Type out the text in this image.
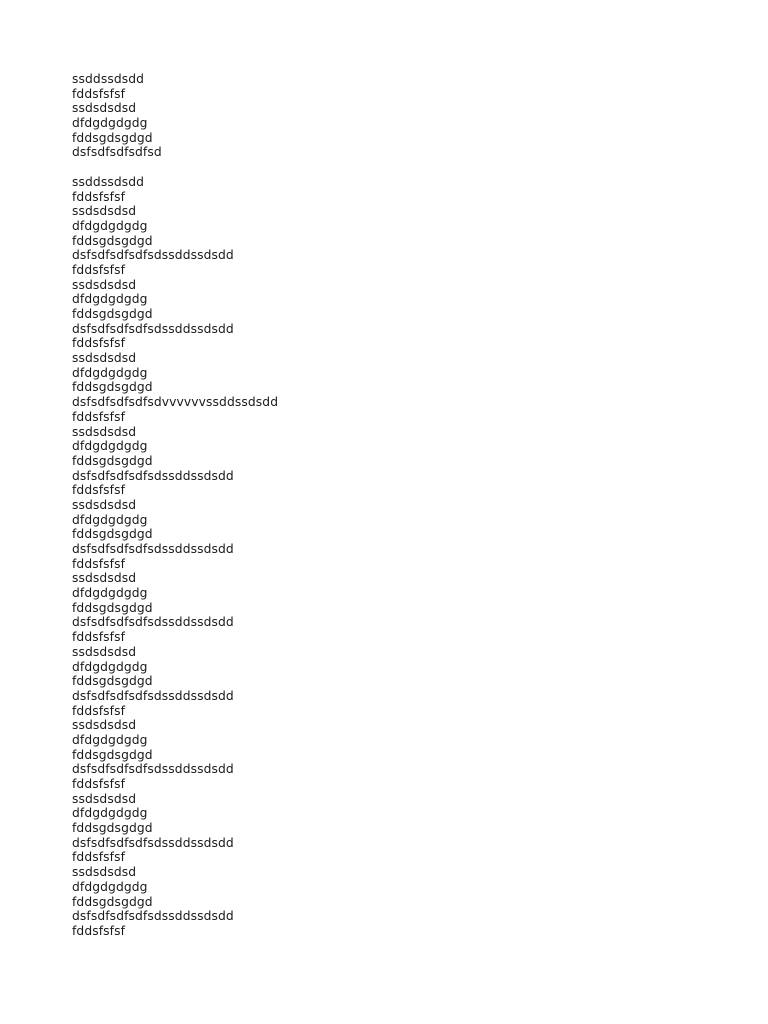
ssddssdsdd
fddsfsfsf
ssdsdsdsd
dfdgdgdgdg
fddsgdsgdgd
dsfsdfsdfsdfsd
ssddssdsdd
fddsfsfsf
ssdsdsdsd
dfdgdgdgdg
fddsgdsgdgd
dsfsdfsdfsdfsdssddssdsdd
fddsfsfsf
ssdsdsdsd
dfdgdgdgdg
fddsgdsgdgd
dsfsdfsdfsdfsdssddssdsdd
fddsfsfsf
ssdsdsdsd
dfdgdgdgdg
fddsgdsgdgd
dsfsdfsdfsdfsdvvvvvvssddssdsdd
fddsfsfsf
ssdsdsdsd
dfdgdgdgdg
fddsgdsgdgd
dsfsdfsdfsdfsdssddssdsdd
fddsfsfsf
ssdsdsdsd
dfdgdgdgdg
fddsgdsgdgd
dsfsdfsdfsdfsdssddssdsdd
fddsfsfsf
ssdsdsdsd
dfdgdgdgdg
fddsgdsgdgd
dsfsdfsdfsdfsdssddssdsdd
fddsfsfsf
ssdsdsdsd
dfdgdgdgdg
fddsgdsgdgd
dsfsdfsdfsdfsdssddssdsdd
fddsfsfsf
ssdsdsdsd
dfdgdgdgdg
fddsgdsgdgd
dsfsdfsdfsdfsdssddssdsdd
fddsfsfsf
ssdsdsdsd
dfdgdgdgdg
fddsgdsgdgd
dsfsdfsdfsdfsdssddssdsdd
fddsfsfsf
ssdsdsdsd
dfdgdgdgdg
fddsgdsgdgd
dsfsdfsdfsdfsdssddssdsdd
fddsfsfsf
